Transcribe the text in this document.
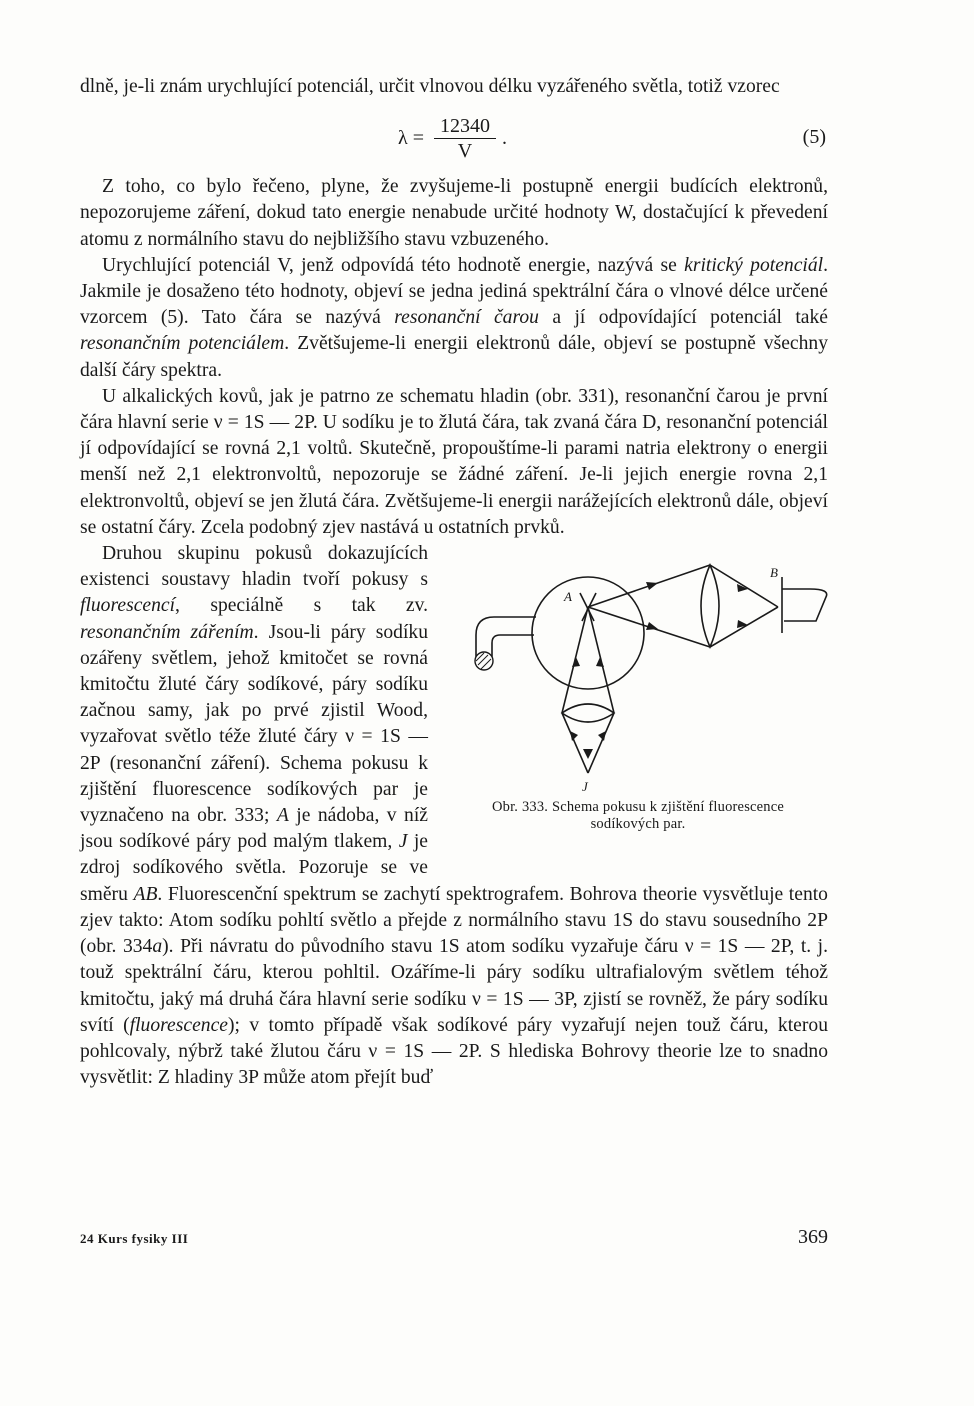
dlně, je-li znám urychlující potenciál, určit vlnovou délku vyzářeného světla, totiž vzorec

$\lambda = \frac{12340}{V}$ .	(5)

Z toho, co bylo řečeno, plyne, že zvyšujeme-li postupně energii budících elektronů, nepozorujeme záření, dokud tato energie nenabude určité hodnoty W, dostačující k převedení atomu z normálního stavu do nejbližšího stavu vzbuzeného.

Urychlující potenciál V, jenž odpovídá této hodnotě energie, nazývá se kritický potenciál. Jakmile je dosaženo této hodnoty, objeví se jedna jediná spektrální čára o vlnové délce určené vzorcem (5). Tato čára se nazývá resonanční čarou a jí odpovídající potenciál také resonančním potenciálem. Zvětšujeme-li energii elektronů dále, objeví se postupně všechny další čáry spektra.

U alkalických kovů, jak je patrno ze schematu hladin (obr. 331), resonanční čarou je první čára hlavní serie ν = 1S — 2P. U sodíku je to žlutá čára, tak zvaná čára D, resonanční potenciál jí odpovídající se rovná 2,1 voltů. Skutečně, propouštíme-li parami natria elektrony o energii menší než 2,1 elektronvoltů, nepozoruje se žádné záření. Je-li jejich energie rovna 2,1 elektronvoltů, objeví se jen žlutá čára. Zvětšujeme-li energii narážejících elektronů dále, objeví se ostatní čáry. Zcela podobný zjev nastává u ostatních prvků.

A
B
J
Obr. 333. Schema pokusu k zjištění fluorescence
sodíkových par.

Druhou skupinu pokusů dokazujících existenci soustavy hladin tvoří pokusy s fluorescencí, speciálně s tak zv. resonančním zářením. Jsou-li páry sodíku ozářeny světlem, jehož kmitočet se rovná kmitočtu žluté čáry sodíkové, páry sodíku začnou samy, jak po prvé zjistil Wood, vyzařovat světlo téže žluté čáry ν = 1S — 2P (resonanční záření). Schema pokusu k zjištění fluorescence sodíkových par je vyznačeno na obr. 333; A je nádoba, v níž jsou sodíkové páry pod malým tlakem, J je zdroj sodíkového světla. Pozoruje se ve směru AB. Fluorescenční spektrum se zachytí spektrografem. Bohrova theorie vysvětluje tento zjev takto: Atom sodíku pohltí světlo a přejde z normálního stavu 1S do stavu sousedního 2P (obr. 334a). Při návratu do původního stavu 1S atom sodíku vyzařuje čáru ν = 1S — 2P, t. j. touž spektrální čáru, kterou pohltil. Ozáříme-li páry sodíku ultrafialovým světlem téhož kmitočtu, jaký má druhá čára hlavní serie sodíku ν = 1S — 3P, zjistí se rovněž, že páry sodíku svítí (fluorescence); v tomto případě však sodíkové páry vyzařují nejen touž čáru, kterou pohlcovaly, nýbrž také žlutou čáru ν = 1S — 2P. S hlediska Bohrovy theorie lze to snadno vysvětlit: Z hladiny 3P může atom přejít buď

24 Kurs fysiky III	369
